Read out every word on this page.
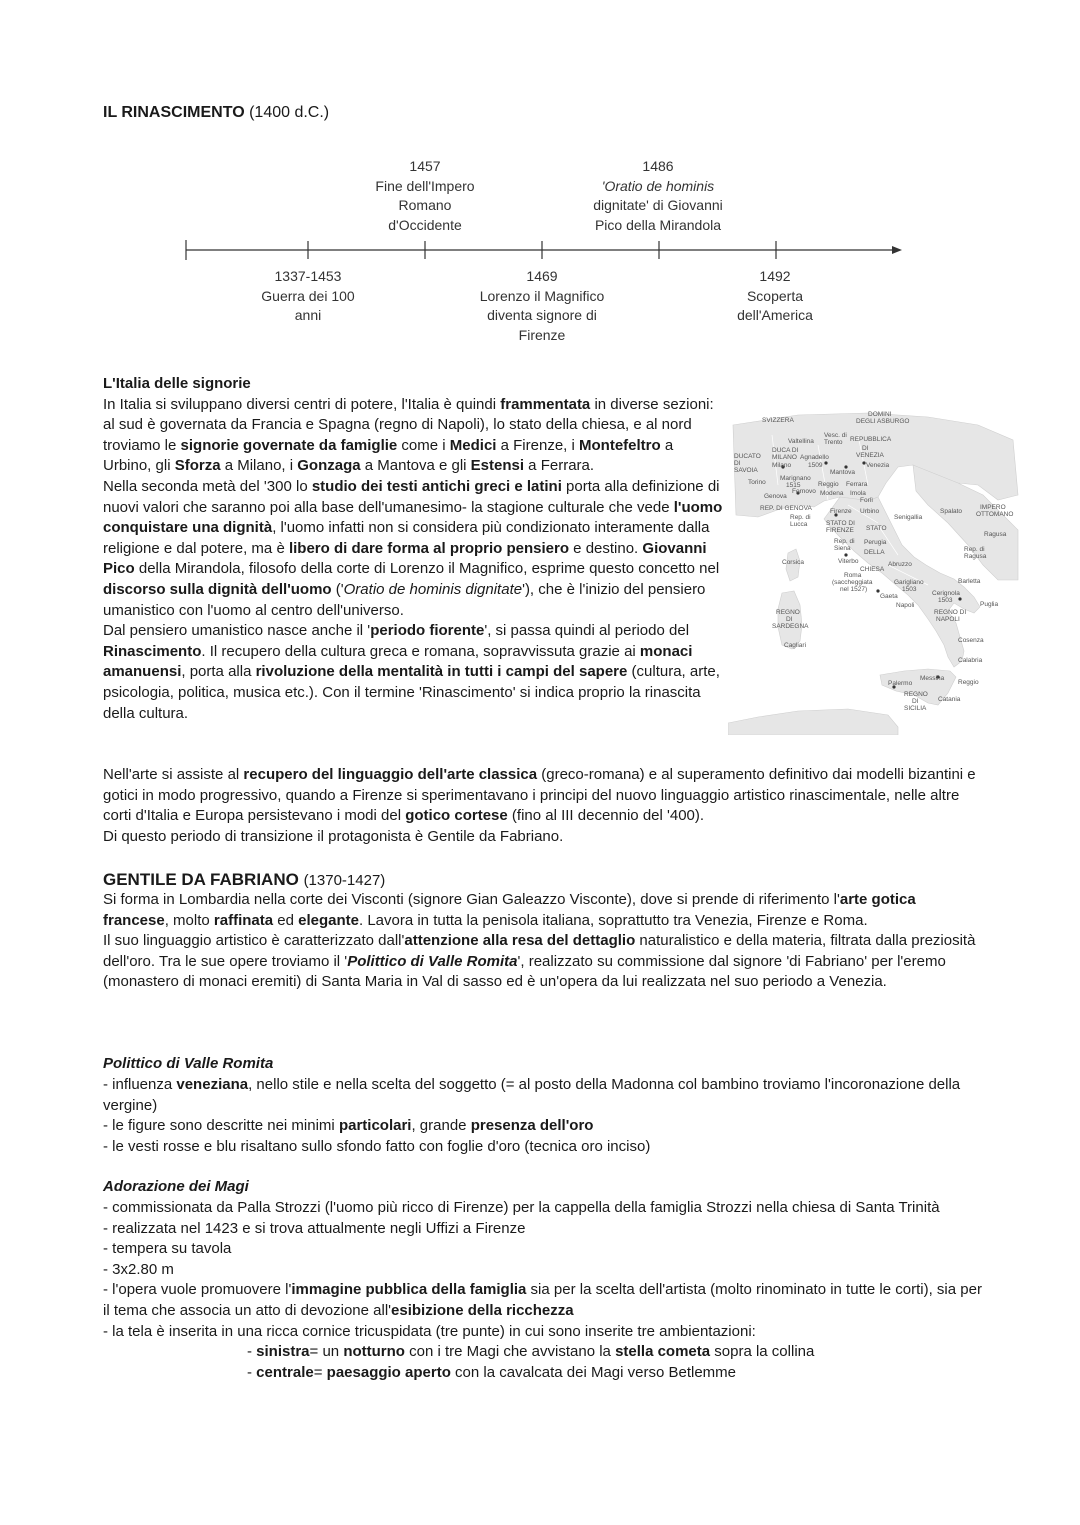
IL RINASCIMENTO (1400 d.C.)
1457
Fine dell'Impero
Romano
d'Occidente
1486
'Oratio de hominis
dignitate' di Giovanni
Pico della Mirandola
1337-1453
Guerra dei 100
anni
1469
Lorenzo il Magnifico
diventa signore di
Firenze
1492
Scoperta
dell'America

L'Italia delle signorie

In Italia si sviluppano diversi centri di potere, l'Italia è quindi frammentata in diverse sezioni: al sud è governata da Francia e Spagna (regno di Napoli), lo stato della chiesa, e al nord troviamo le signorie governate da famiglie come i Medici a Firenze, i Montefeltro a Urbino, gli Sforza a Milano, i Gonzaga a Mantova e gli Estensi a Ferrara.

Nella seconda metà del '300 lo studio dei testi antichi greci e latini porta alla definizione di nuovi valori che saranno poi alla base dell'umanesimo- la stagione culturale che vede l'uomo conquistare una dignità, l'uomo infatti non si considera più condizionato interamente dalla religione e dal potere, ma è libero di dare forma al proprio pensiero e destino. Giovanni Pico della Mirandola, filosofo della corte di Lorenzo il Magnifico, esprime questo concetto nel discorso sulla dignità dell'uomo ('Oratio de hominis dignitate'), che è l'inizio del pensiero umanistico con l'uomo al centro dell'universo.

Dal pensiero umanistico nasce anche il 'periodo fiorente', si passa quindi al periodo del Rinascimento. Il recupero della cultura greca e romana, sopravvissuta grazie ai monaci amanuensi, porta alla rivoluzione della mentalità in tutti i campi del sapere (cultura, arte, psicologia, politica, musica etc.). Con il termine 'Rinascimento' si indica proprio la rinascita della cultura.

Nell'arte si assiste al recupero del linguaggio dell'arte classica (greco-romana) e al superamento definitivo dai modelli bizantini e gotici in modo progressivo, quando a Firenze si sperimentavano i principi del nuovo linguaggio artistico rinascimentale, nelle altre corti d'Italia e Europa persistevano i modi del gotico cortese (fino al III decennio del '400).

Di questo periodo di transizione il protagonista è Gentile da Fabriano.

SVIZZERA
DOMINI
DEGLI ASBURGO
Vesc. di
Trento REPUBBLICA
DI
VENEZIA
Valtellina
DUCATO
DI SAVOIA
DUCA DI
MILANO Agnadello
1509
Milano
Mantova
Venezia
Torino
Marignano
1515	Reggio Ferrara
Genova
Fornovo Modena Imola
Forlì
REP. DI GENOVA
Rep. di
Lucca
Firenze Urbino
Senigallia
STATO DI
FIRENZE STATO
Rep. di
Siena
Perugia
DELLA
CHIESA
Spalato
IMPERO
OTTOMANO
Ragusa
Rep. di
Ragusa
Corsica	Viterbo	Abruzzo
Roma
(saccheggiata
nel 1527)
Gaeta
Garigliano
1503
Cerignola
1503
Barletta
Napoli	Puglia
REGNO
DI
SARDEGNA
REGNO DI
NAPOLI
Cagliari
Cosenza
Calabria
Palermo
Messina
Reggio
REGNO
DI
SICILIA
Catania
GENTILE DA FABRIANO (1370-1427)

Si forma in Lombardia nella corte dei Visconti (signore Gian Galeazzo Visconte), dove si prende di riferimento l'arte gotica francese, molto raffinata ed elegante. Lavora in tutta la penisola italiana, soprattutto tra Venezia, Firenze e Roma.

Il suo linguaggio artistico è caratterizzato dall'attenzione alla resa del dettaglio naturalistico e della materia, filtrata dalla preziosità dell'oro. Tra le sue opere troviamo il 'Polittico di Valle Romita', realizzato su commissione dal signore 'di Fabriano' per l'eremo (monastero di monaci eremiti) di Santa Maria in Val di sasso ed è un'opera da lui realizzata nel suo periodo a Venezia.

Polittico di Valle Romita

- influenza veneziana, nello stile e nella scelta del soggetto (= al posto della Madonna col bambino troviamo l'incoronazione della vergine)

- le figure sono descritte nei minimi particolari, grande presenza dell'oro

- le vesti rosse e blu risaltano sullo sfondo fatto con foglie d'oro (tecnica oro inciso)

Adorazione dei Magi

- commissionata da Palla Strozzi (l'uomo più ricco di Firenze) per la cappella della famiglia Strozzi nella chiesa di Santa Trinità

- realizzata nel 1423 e si trova attualmente negli Uffizi a Firenze

- tempera su tavola

- 3x2.80 m

- l'opera vuole promuovere l'immagine pubblica della famiglia sia per la scelta dell'artista (molto rinominato in tutte le corti), sia per il tema che associa un atto di devozione all'esibizione della ricchezza

- la tela è inserita in una ricca cornice tricuspidata (tre punte) in cui sono inserite tre ambientazioni:

- sinistra= un notturno con i tre Magi che avvistano la stella cometa sopra la collina

- centrale= paesaggio aperto con la cavalcata dei Magi verso Betlemme
